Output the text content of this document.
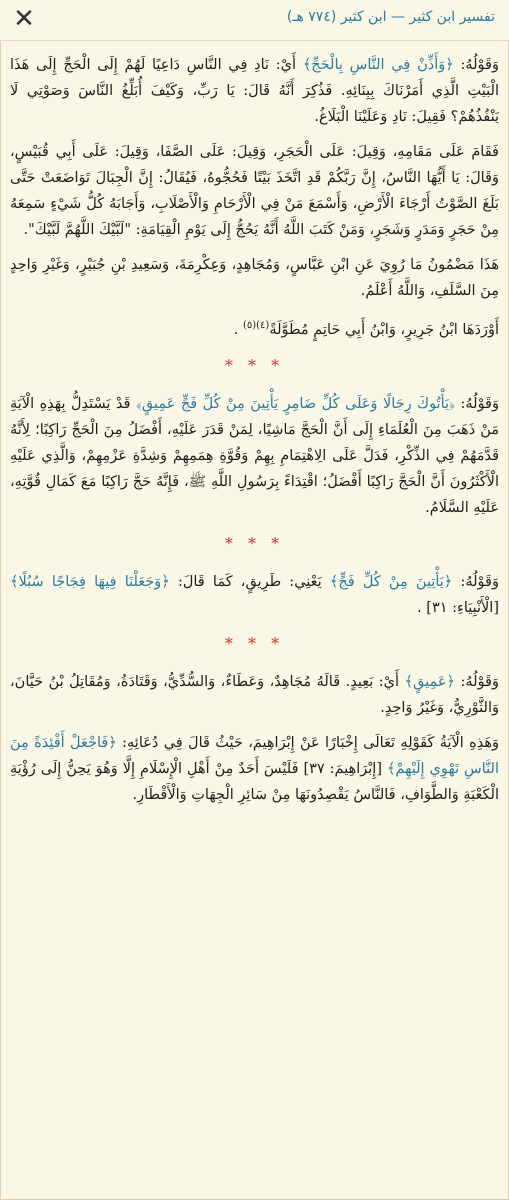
✕	تفسير ابن كثير — ابن كثير (٧٧٤ هـ)

وَقَوْلُهُ: ﴿وَأَذِّنْ فِي النَّاسِ بِالْحَجِّ﴾ أَيْ: نَادِ فِي النَّاسِ دَاعِيًا لَهُمْ إِلَى الْحَجِّ إِلَى هَذَا الْبَيْتِ الَّذِي أَمَرْنَاكَ بِبِنَائِهِ. فَذُكِرَ أَنَّهُ قَالَ: يَا رَبِّ، وَكَيْفَ أُبَلِّغُ النَّاسَ وَصَوْتِي لَا يَنْفُذُهُمْ؟ فَقِيلَ: نَادِ وَعَلَيْنَا الْبَلَاغُ.

فَقَامَ عَلَى مَقَامِهِ، وَقِيلَ: عَلَى الْحَجَرِ، وَقِيلَ: عَلَى الصَّفَا، وَقِيلَ: عَلَى أَبِي قُبَيْسٍ، وَقَالَ: يَا أَيُّهَا النَّاسُ، إِنَّ رَبَّكُمْ قَدِ اتَّخَذَ بَيْتًا فَحُجُّوهُ، فَيُقَالُ: إِنَّ الْجِبَالَ تَوَاضَعَتْ حَتَّى بَلَغَ الصَّوْتُ أَرْجَاءَ الْأَرْضِ، وَأَسْمَعَ مَنْ فِي الْأَرْحَامِ وَالْأَصْلَابِ، وَأَجَابَهُ كُلُّ شَيْءٍ سَمِعَهُ مِنْ حَجَرٍ وَمَدَرٍ وَشَجَرٍ، وَمَنْ كَتَبَ اللَّهُ أَنَّهُ يَحُجُّ إِلَى يَوْمِ الْقِيَامَةِ: "لَبَّيْكَ اللَّهُمَّ لَبَّيْكَ".

هَذَا مَضْمُونُ مَا رُوِيَ عَنِ ابْنِ عَبَّاسٍ، وَمُجَاهِدٍ، وَعِكْرِمَةَ، وَسَعِيدِ بْنِ جُبَيْرٍ، وَغَيْرِ وَاحِدٍ مِنَ السَّلَفِ، وَاللَّهُ أَعْلَمُ.

أَوْرَدَهَا ابْنُ جَرِيرٍ، وَابْنُ أَبِي حَاتِمٍ مُطَوَّلَةً$^{(٤)(٥)}$ .

* * *

وَقَوْلُهُ: ﴿يَأْتُوكَ رِجَالًا وَعَلَى كُلِّ ضَامِرٍ يَأْتِينَ مِنْ كُلِّ فَجٍّ عَمِيقٍ﴾ قَدْ يَسْتَدِلُّ بِهَذِهِ الْآيَةِ مَنْ ذَهَبَ مِنَ الْعُلَمَاءِ إِلَى أَنَّ الْحَجَّ مَاشِيًا، لِمَنْ قَدَرَ عَلَيْهِ، أَفْضَلُ مِنَ الْحَجِّ رَاكِبًا؛ لِأَنَّهُ قَدَّمَهُمْ فِي الذِّكْرِ، فَدَلَّ عَلَى الِاهْتِمَامِ بِهِمْ وَقُوَّةِ هِمَمِهِمْ وَشِدَّةِ عَزْمِهِمْ، وَالَّذِي عَلَيْهِ الْأَكْثَرُونَ أَنَّ الْحَجَّ رَاكِبًا أَفْضَلُ؛ اقْتِدَاءً بِرَسُولِ اللَّهِ ﷺ، فَإِنَّهُ حَجَّ رَاكِبًا مَعَ كَمَالِ قُوَّتِهِ، عَلَيْهِ السَّلَامُ.

* * *

وَقَوْلُهُ: ﴿يَأْتِينَ مِنْ كُلِّ فَجٍّ﴾ يَعْنِي: طَرِيقٍ، كَمَا قَالَ: ﴿وَجَعَلْنَا فِيهَا فِجَاجًا سُبُلًا﴾ [الْأَنْبِيَاءِ: ٣١] .

* * *

وَقَوْلُهُ: ﴿عَمِيقٍ﴾ أَيْ: بَعِيدٍ. قَالَهُ مُجَاهِدٌ، وَعَطَاءٌ، وَالسُّدِّيُّ، وَقَتَادَةُ، وَمُقَاتِلُ بْنُ حَيَّانَ، وَالثَّوْرِيُّ، وَغَيْرُ وَاحِدٍ.

وَهَذِهِ الْآيَةُ كَقَوْلِهِ تَعَالَى إِخْبَارًا عَنْ إِبْرَاهِيمَ، حَيْثُ قَالَ فِي دُعَائِهِ: ﴿فَاجْعَلْ أَفْئِدَةً مِنَ النَّاسِ تَهْوِي إِلَيْهِمْ﴾ [إِبْرَاهِيمَ: ٣٧] فَلَيْسَ أَحَدٌ مِنْ أَهْلِ الْإِسْلَامِ إِلَّا وَهُوَ يَحِنُّ إِلَى رُؤْيَةِ الْكَعْبَةِ وَالطَّوَافِ، فَالنَّاسُ يَقْصِدُونَهَا مِنْ سَائِرِ الْجِهَاتِ وَالْأَقْطَارِ.
